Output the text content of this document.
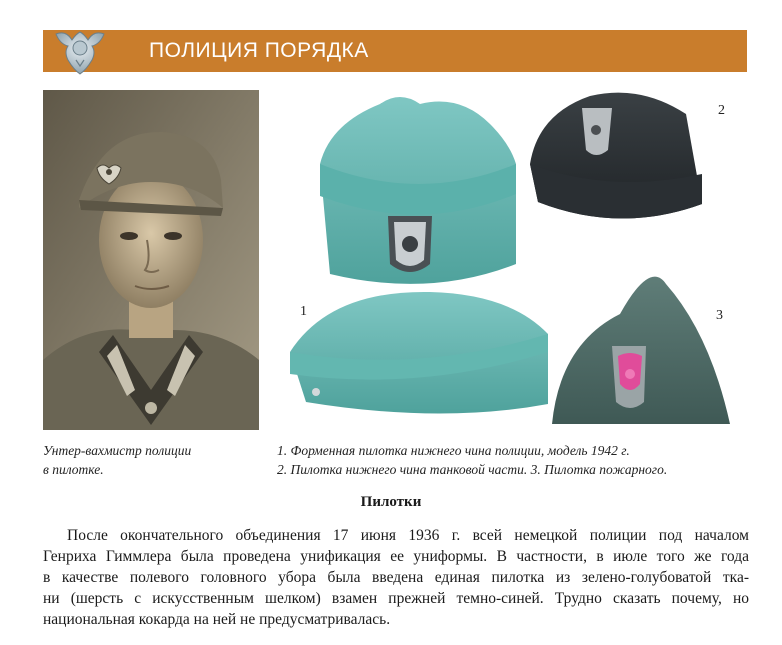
ПОЛИЦИЯ ПОРЯДКА
1
2
3
Унтер-вахмистр полиции
в пилотке.
1. Форменная пилотка нижнего чина полиции, модель 1942 г.
2. Пилотка нижнего чина танковой части. 3. Пилотка пожарного.
Пилотки
После окончательного объединения 17 июня 1936 г. всей немецкой полиции под началом
Генриха Гиммлера была проведена унификация ее униформы. В частности, в июле того же года
в качестве полевого головного убора была введена единая пилотка из зелено-голубоватой тка-
ни (шерсть с искусственным шелком) взамен прежней темно-синей. Трудно сказать почему, но
национальная кокарда на ней не предусматривалась.
